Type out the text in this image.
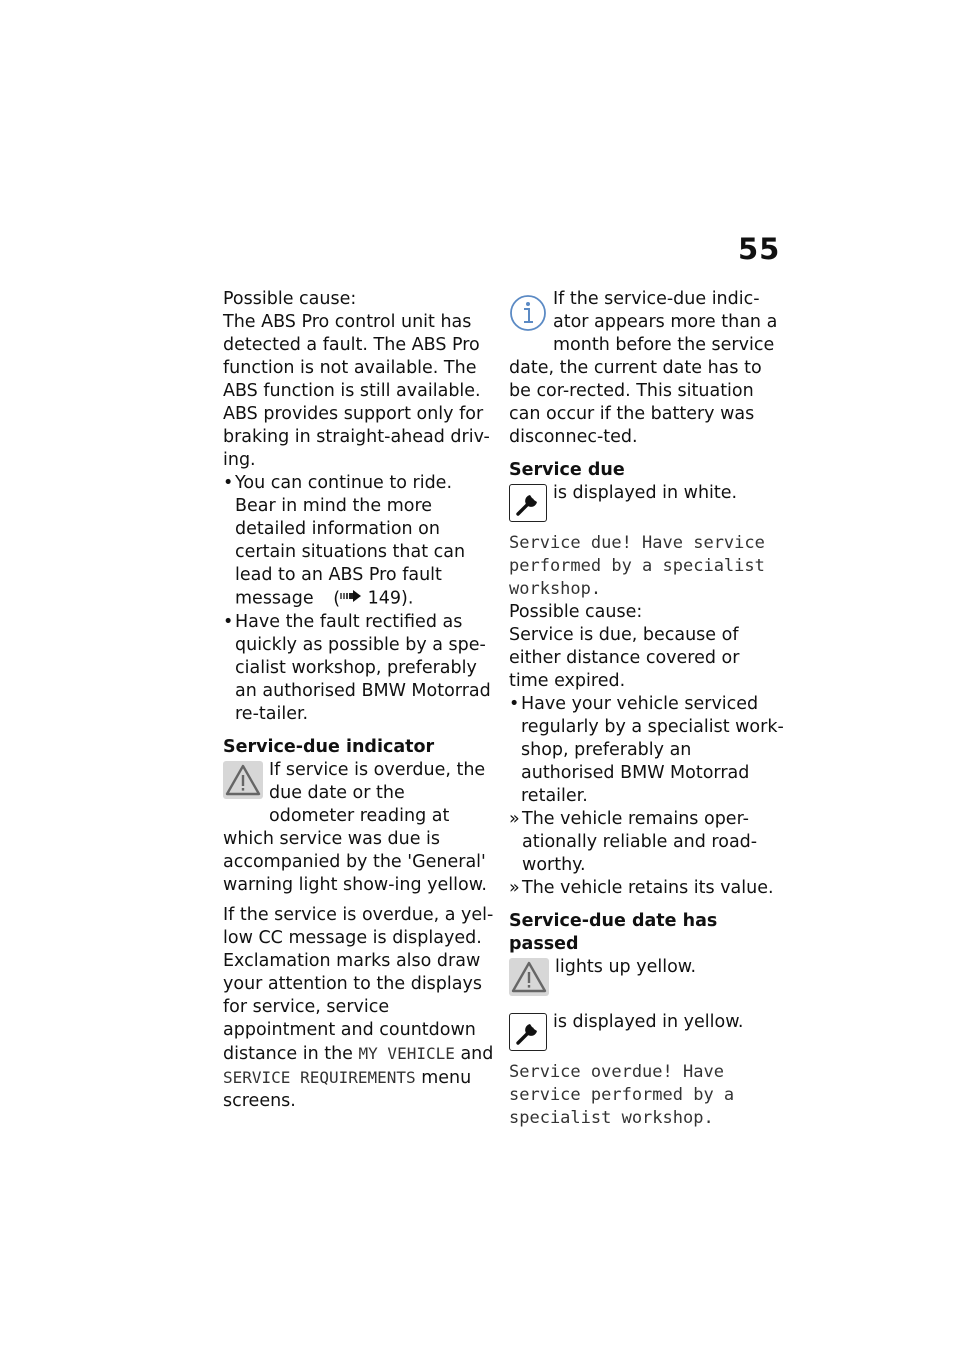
55

Possible cause:

The ABS Pro control unit has detected a fault. The ABS Pro function is not available. The ABS function is still available. ABS provides support only for braking in straight-ahead driv-ing.

• You can continue to ride. Bear in mind the more detailed information on certain situations that can lead to an ABS Pro fault message ( 149).
• Have the fault rectified as quickly as possible by a spe-cialist workshop, preferably an authorised BMW Motorrad re-tailer.

Service-due indicator

If service is overdue, the due date or the odometer reading at which service was due is accompanied by the 'General' warning light show-ing yellow.

If the service is overdue, a yel-low CC message is displayed. Exclamation marks also draw your attention to the displays for service, service appointment and countdown distance in the MY VEHICLE and SERVICE REQUIREMENTS menu screens.

If the service-due indic-ator appears more than a month before the service date, the current date has to be cor-rected. This situation can occur if the battery was disconnec-ted.

Service due

is displayed in white.

Service due! Have service performed by a specialist workshop.

Possible cause:

Service is due, because of either distance covered or time expired.

• Have your vehicle serviced regularly by a specialist work-shop, preferably an authorised BMW Motorrad retailer.
» The vehicle remains oper-ationally reliable and road-worthy.
» The vehicle retains its value.

Service-due date has passed

lights up yellow.

is displayed in yellow.

Service overdue! Have service performed by a specialist workshop.
